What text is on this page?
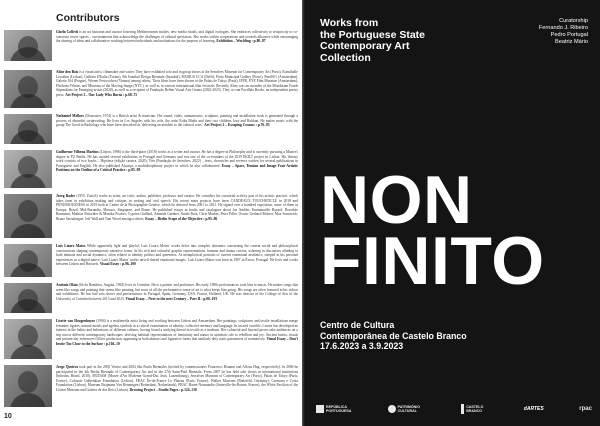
Contributors
Gisela Colletti is an art historian and curator fostering Mediterranean studies, new media rituals, and digital ecologies. She embraces collectivity to reciprocity to co-construct fewer spaces – environments that acknowledge the challenges of cultural spectators. She works within cooperations and towards alliances while encouraging the sharing of ideas and collaborative working between individuals and institutions for the purpose of learning. Exhibition – Worlding : p.80–87
Aline den Bois is a visual artist, filmmaker and writer. They have exhibited solo and in group shows at the Serralves Museum for Contemporary Art (Porto), Kunsthalle Lissabon (Lisbon), Galleria D'Italia (Torino), 9th Istanbul Design Biennale (Istanbul), RADIUS CCA (Delft), Porto Municipal Gallery (Porto), PuntWG (Amsterdam), Galerie 164 (Prague), Wiener Festwochen (Vienna) among others. Their films have been shown at the Palais de Tokyo (Paris), IFFR, EYE Film Museum (Amsterdam), Platform Vilnius, and Museum of the Moving Image (NYC), as well as in various international film festivals. Recently Aline was an awardee of the Mondriaan Fonds Stipendium for Emerging artists (2020), as well as a recipient of Fundação Belém Visual Arts Grants (2022-2023). They co-run Pavilhão Books, an independent poetry press. Art Project I – Our Lady Who Burns : p.68–75
Nathaniel Mellors (Doncaster, 1974) is a British artist & musician. His sound, video, animatronics, sculpture, painting and installation work is generated through a process of absurdist scriptwriting. He lives in Los Angeles with his wife, the artist Erika Mutlu and their two children, Izzy and Rokkan. He makes music with the group The Good in Radiology who have been described as 'delivering an antidote to the cultural wars'. Art Project 2 – Escaping Cosmos : p.76–83
Guilherme Vilhena Martins (Lisbon, 1996) is the third-place (2018) works as a writer and curator. He has a degree in Philosophy and is currently pursuing a Master's degree at FU Berlin. He has curated several exhibitions in Portugal and Germany and was one of the co-founders of the 2019 EKILT project in Lisbon. His literary work consists of two books – Hipótese (edição caseira, 2020), Viés (Fundação de Serralves, 2022) – texts, chronicles and reviews written for several publications in Portuguese and English. He also published Alcança, a multidisciplinary project in which he also collaborated. Essay – Space, Tension and Image Four Artistic Positions on the Outline of a Critical Practice : p.85–99
Joerg Bader (1955, Zurich) works as artist, art critic, author, publisher, professor and curator. He considers his curatorial activity part of his artistic practice, which takes form in exhibition making and critique, in writing and oral speech. His recent main projects have been CANDEAUX TOUCHSTICLE in 2018 and PENURIOUSNESS in 2019 both at Centre de la Photographie Genève, which he directed from 2001 to 2021. He signed over a hundred exposition, some of them in Europe, Brazil, Mid-Burundia, Monaco, Singapore, and Rome. He published essays in books and catalogues about Joe Ambler, Emmanuelle Bayard, Dorothée Baumann, Mathias Bräschler & Monika Fischer, Cyprien Gaillard, Amanda Gardner, Anahi Ruiz, Chris Marker, Peter Piller, Ovum, Gerhard Richter, Max Sonnreich, Bruno Serralongue, Jeff Wall and Tom Wood amongst others. Essay – Berlin Scope of the Objective : p.95–96
Luís Lizaro Matos While apparently light and playful, Luís Lizaro Matos' works delve into complex dynamics concerning the current social and philosophical constructions shaping contemporary narrative forms. In his rich and colourful graphic representations, humour and drama coexist, ushering in discourses alluding to both intimate and social dynamics, often related to identity politics and queerness. As metaphorical portraits of current communal aesthetics, steeped in his personal experiences as a digital native, Luís Lizaro Matos' works unveil shared emotional images. Luís Lizaro Matos was born in 1987 in Évora, Portugal. He lives and works between Lisbon and Brussels. Visual Essay : p.96–100
António Olaio (Sá da Bandeira, Angola, 1963) lives in Coimbra. He is a painter and performer. His early 1980s performances took him to music. He makes songs that seem like songs and painting that seems like painting, but most of all the performative sense of art is what keeps him going. His songs are often featured in his videos and exhibitions. He has had solo shows and performances in Portugal, Spain, Germany, USA, France, Holland, UK. He was director of the College of Arts of the University of Coimbra between 2013 and 2023. Visual Essay – Next to the next Century – Part II : p.00–103
Lisette van Hoogenhuyze (1994) is a multimedia artist living and working between Lisbon and Amsterdam. Her paintings, sculptures and textile installations merge feminine figures, natural motifs and ageless symbols in a critical examination of identity, collective memory and language. In an arid crucible, Lisette has developed an interest in the habits and behaviours of different cultures, having found a unifying thread in textile as a medium. Her colourful and layered pieces take audiences on a trip across different contemporary landscapes, deriving habitual representations of femininity and nature in animistic ode to rebellion and joy. Ancient beasts, rituals and present-day references fill her production, appearing in both abstract and figurative forms that similarly defy static parameters of normativity. Visual Essay – Don't Invite Too Close to the Surface : p.104–10
Jorge Queiroz took part in the 2003 Venice and 2004 São Paulo Biennales (invited by commissioners Francesco Bonami and Alfons Hug, respectively). In 2006 he participated in the 4th Berlin Biennale of Contemporary Art and in the 27th Saint-Paul Biennale. From 2007 he has held solo shows in international institutions (Inhotim, Brazil, 2010), MUDAM (Musée d'Art Moderne Grand-Duc Jean, Luxembourg), Serralves Museum of Contemporary Art (Porto), Palais de Tokyo (Paris, France), Calouste Gulbenkian Foundation (Lisbon), FRAC Île-de-France Le Plateau (Paris, France), Walker Museum (Bielefeld, Germany), Carmona e Costa Foundation (Lisbon), Museum Boijmans Van Beuningen (Rotterdam, Netherlands), FRAC Haute-Normandie (Sotteville-lès-Rouen, France), the White Pavilion of the Lisbon Museum and Galeria de dos Reis (Lisbon). Drawing Project – Studio Pages : p.124–130
10
Works from
the Portuguese State
Contemporary Art
Collection
Curatorship
Fernando J. Ribeiro
Pedro Portugal
Beatriz Mário
NON
FINITO
Centro de Cultura
Contemporânea de Castelo Branco
17.6.2023 a 3.9.2023
REPÚBLICA PORTUGUESA
PATRIMÓNIO CULTURAL
CASTELO BRANCO	dARTES	rpac
